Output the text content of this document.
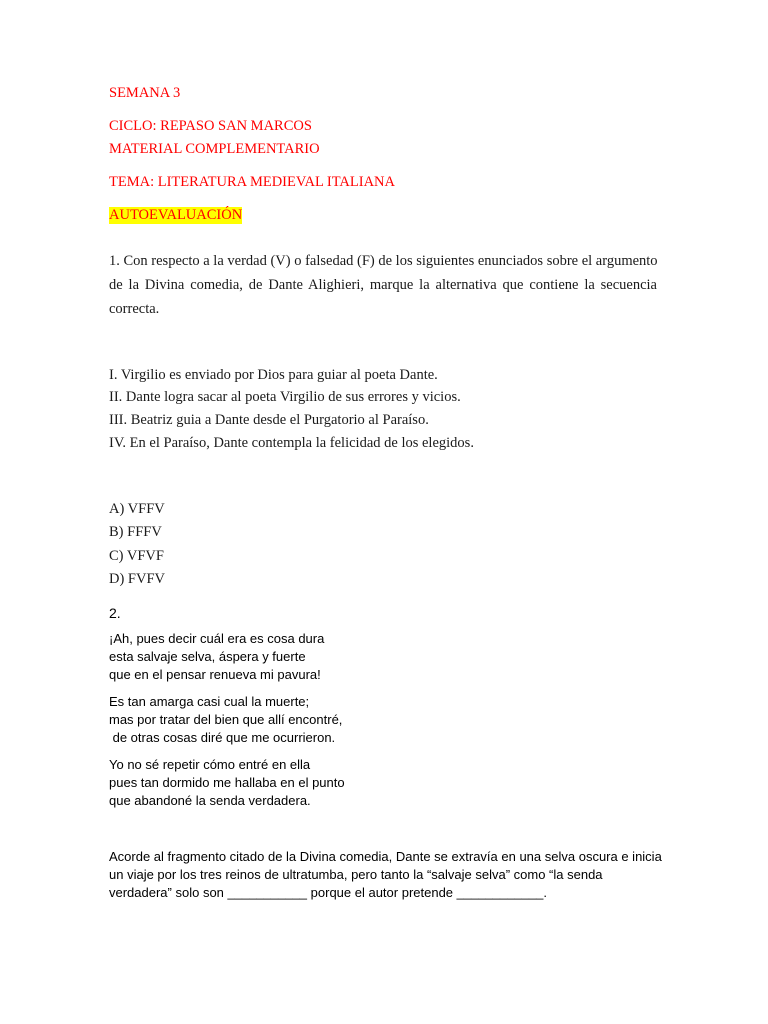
SEMANA 3
CICLO: REPASO SAN MARCOS
MATERIAL COMPLEMENTARIO
TEMA: LITERATURA MEDIEVAL ITALIANA
AUTOEVALUACIÓN
1. Con respecto a la verdad (V) o falsedad (F) de los siguientes enunciados sobre el argumento
de la Divina comedia, de Dante Alighieri, marque la alternativa que contiene la secuencia
correcta.
I. Virgilio es enviado por Dios para guiar al poeta Dante.
II. Dante logra sacar al poeta Virgilio de sus errores y vicios.
III. Beatriz guia a Dante desde el Purgatorio al Paraíso.
IV. En el Paraíso, Dante contempla la felicidad de los elegidos.
A) VFFV
B) FFFV
C) VFVF
D) FVFV
2.
¡Ah, pues decir cuál era es cosa dura
esta salvaje selva, áspera y fuerte
que en el pensar renueva mi pavura!
Es tan amarga casi cual la muerte;
mas por tratar del bien que allí encontré,
de otras cosas diré que me ocurrieron.
Yo no sé repetir cómo entré en ella
pues tan dormido me hallaba en el punto
que abandoné la senda verdadera.
Acorde al fragmento citado de la Divina comedia, Dante se extravía en una selva oscura e inicia
un viaje por los tres reinos de ultratumba, pero tanto la “salvaje selva” como “la senda
verdadera” solo son ___________ porque el autor pretende ____________.
